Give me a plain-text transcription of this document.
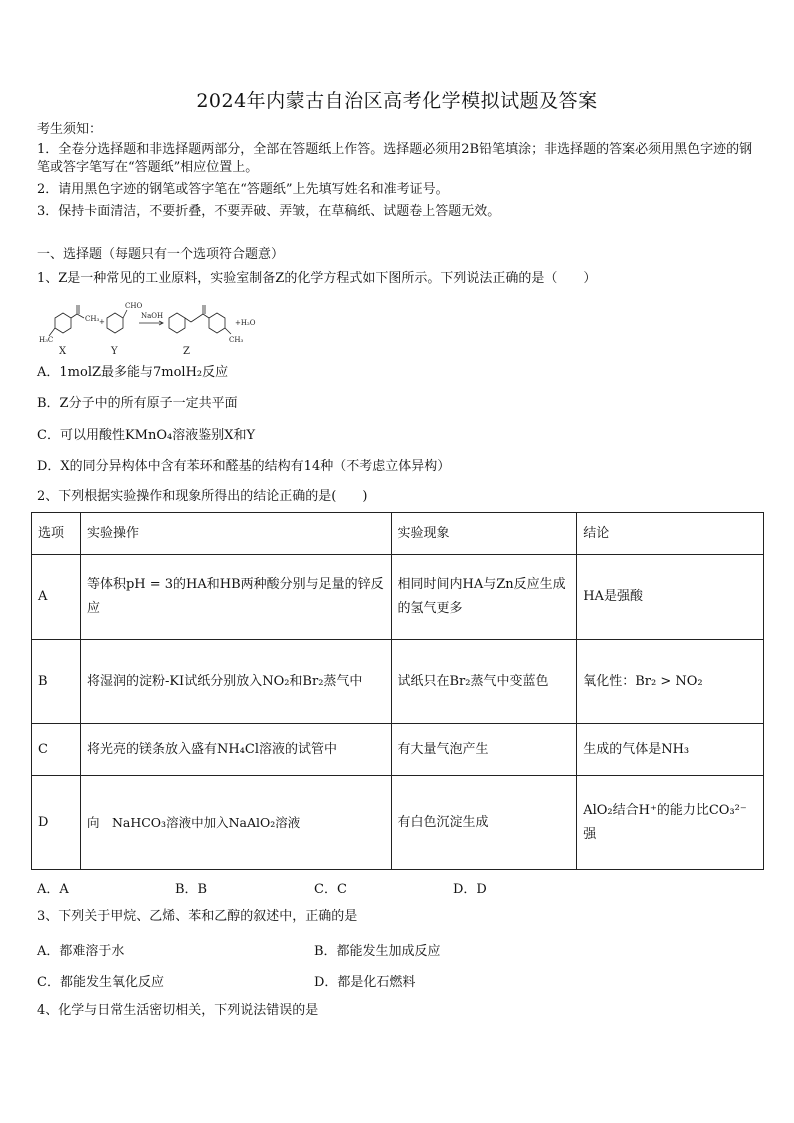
2024年内蒙古自治区高考化学模拟试题及答案
考生须知：
1．全卷分选择题和非选择题两部分，全部在答题纸上作答。选择题必须用2B铅笔填涂；非选择题的答案必须用黑色字迹的钢笔或答字笔写在“答题纸”相应位置上。
2．请用黑色字迹的钢笔或答字笔在“答题纸”上先填写姓名和准考证号。
3．保持卡面清洁，不要折叠，不要弄破、弄皱，在草稿纸、试题卷上答题无效。
一、选择题（每题只有一个选项符合题意）
1、Z是一种常见的工业原料，实验室制备Z的化学方程式如下图所示。下列说法正确的是（　　）
CH₃
H₃C
X
+
CHO
Y
NaOH
CH₃
+H₂O
Z
A．1molZ最多能与7molH₂反应
B．Z分子中的所有原子一定共平面
C．可以用酸性KMnO₄溶液鉴别X和Y
D．X的同分异构体中含有苯环和醛基的结构有14种（不考虑立体异构）
2、下列根据实验操作和现象所得出的结论正确的是(　　)
选项	实验操作	实验现象	结论
A	等体积pH = 3的HA和HB两种酸分别与足量的锌反应	相同时间内HA与Zn反应生成的氢气更多	HA是强酸
B	将湿润的淀粉-KI试纸分别放入NO₂和Br₂蒸气中	试纸只在Br₂蒸气中变蓝色	氧化性：Br₂ > NO₂
C	将光亮的镁条放入盛有NH₄Cl溶液的试管中	有大量气泡产生	生成的气体是NH₃
D	向　NaHCO₃溶液中加入NaAlO₂溶液	有白色沉淀生成	AlO₂结合H⁺的能力比CO₃²⁻强
A．A	B．B	C．C	D．D
3、下列关于甲烷、乙烯、苯和乙醇的叙述中，正确的是
A．都难溶于水	B．都能发生加成反应
C．都能发生氧化反应	D．都是化石燃料
4、化学与日常生活密切相关，下列说法错误的是
